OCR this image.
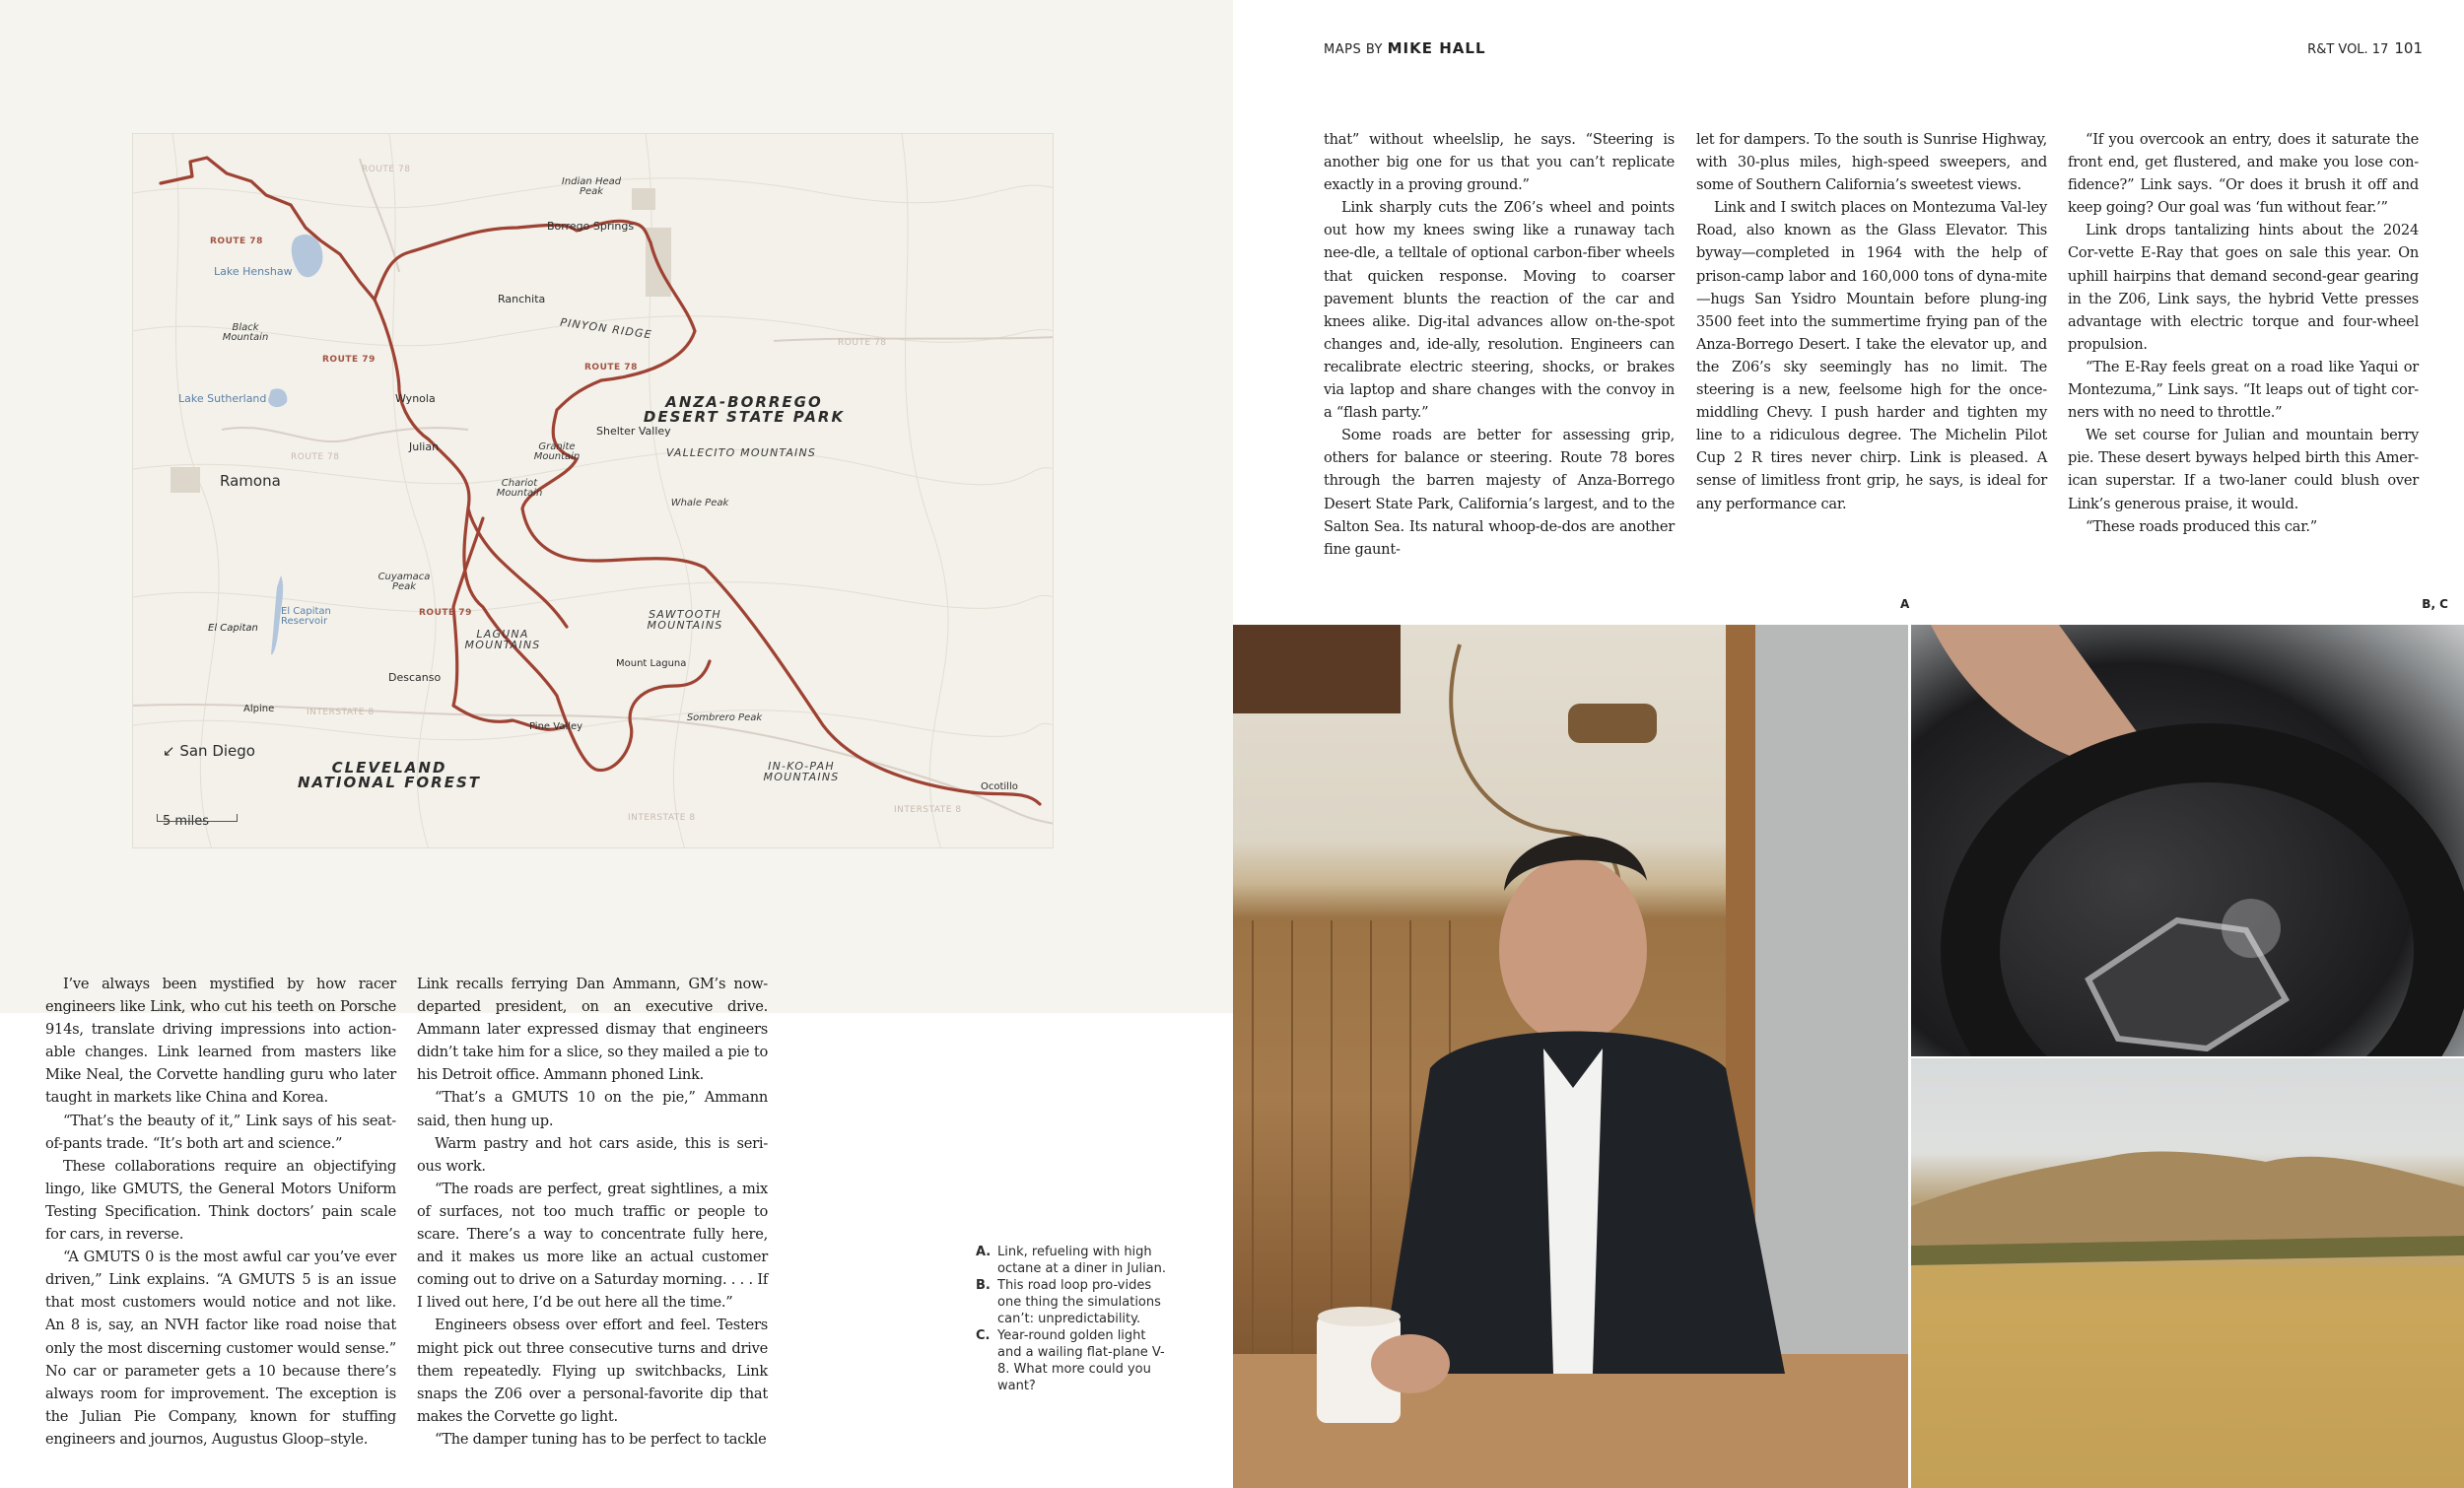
ROUTE 78
ROUTE 78
ROUTE 79
ROUTE 78
ROUTE 78
ROUTE 78
ROUTE 79
INTERSTATE 8
INTERSTATE 8
INTERSTATE 8
Indian Head Peak
Borrego Springs
Lake Henshaw
Black Mountain
Ranchita
PINYON RIDGE
Lake Sutherland	Wynola	ANZA-BORREGO DESERT STATE PARK
Shelter Valley
Julian	Granite Mountain	VALLECITO MOUNTAINS
Ramona	Chariot Mountain
Whale Peak
Cuyamaca Peak
El Capitan Reservoir
El Capitan	LAGUNA MOUNTAINS
SAWTOOTH MOUNTAINS
Mount Laguna
Descanso
Alpine
Sombrero Peak
Pine Valley
↙ San Diego
CLEVELAND NATIONAL FOREST
IN-KO-PAH MOUNTAINS
Ocotillo
5 miles

I’ve always been mystified by how racer engineers like Link, who cut his teeth on Porsche 914s, translate driving impressions into action-able changes. Link learned from masters like Mike Neal, the Corvette handling guru who later taught in markets like China and Korea.

“That’s the beauty of it,” Link says of his seat-of-pants trade. “It’s both art and science.”

These collaborations require an objectifying lingo, like GMUTS, the General Motors Uniform Testing Specification. Think doctors’ pain scale for cars, in reverse.

“A GMUTS 0 is the most awful car you’ve ever driven,” Link explains. “A GMUTS 5 is an issue that most customers would notice and not like. An 8 is, say, an NVH factor like road noise that only the most discerning customer would sense.” No car or parameter gets a 10 because there’s always room for improvement. The exception is the Julian Pie Company, known for stuffing engineers and journos, Augustus Gloop–style.

Link recalls ferrying Dan Ammann, GM’s now-departed president, on an executive drive. Ammann later expressed dismay that engineers didn’t take him for a slice, so they mailed a pie to his Detroit office. Ammann phoned Link.

“That’s a GMUTS 10 on the pie,” Ammann said, then hung up.

Warm pastry and hot cars aside, this is seri-ous work.

“The roads are perfect, great sightlines, a mix of surfaces, not too much traffic or people to scare. There’s a way to concentrate fully here, and it makes us more like an actual customer coming out to drive on a Saturday morning. . . . If I lived out here, I’d be out here all the time.”

Engineers obsess over effort and feel. Testers might pick out three consecutive turns and drive them repeatedly. Flying up switchbacks, Link snaps the Z06 over a personal-favorite dip that makes the Corvette go light.

“The damper tuning has to be perfect to tackle

A. Link, refueling with high octane at a diner in Julian.
B. This road loop pro-vides one thing the simulations can’t: unpredictability.
C. Year-round golden light and a wailing flat-plane V-8. What more could you want?
MAPS BY MIKE HALL	R&T VOL. 17 101

that” without wheelslip, he says. “Steering is another big one for us that you can’t replicate exactly in a proving ground.”

Link sharply cuts the Z06’s wheel and points out how my knees swing like a runaway tach nee-dle, a telltale of optional carbon-fiber wheels that quicken response. Moving to coarser pavement blunts the reaction of the car and knees alike. Dig-ital advances allow on-the-spot changes and, ide-ally, resolution. Engineers can recalibrate electric steering, shocks, or brakes via laptop and share changes with the convoy in a “flash party.”

Some roads are better for assessing grip, others for balance or steering. Route 78 bores through the barren majesty of Anza-Borrego Desert State Park, California’s largest, and to the Salton Sea. Its natural whoop-de-dos are another fine gaunt-

let for dampers. To the south is Sunrise Highway, with 30-plus miles, high-speed sweepers, and some of Southern California’s sweetest views.

Link and I switch places on Montezuma Val-ley Road, also known as the Glass Elevator. This byway—completed in 1964 with the help of prison-camp labor and 160,000 tons of dyna-mite—hugs San Ysidro Mountain before plung-ing 3500 feet into the summertime frying pan of the Anza-Borrego Desert. I take the elevator up, and the Z06’s sky seemingly has no limit. The steering is a new, feelsome high for the once-middling Chevy. I push harder and tighten my line to a ridiculous degree. The Michelin Pilot Cup 2 R tires never chirp. Link is pleased. A sense of limitless front grip, he says, is ideal for any performance car.

“If you overcook an entry, does it saturate the front end, get flustered, and make you lose con-fidence?” Link says. “Or does it brush it off and keep going? Our goal was ‘fun without fear.’”

Link drops tantalizing hints about the 2024 Cor-vette E-Ray that goes on sale this year. On uphill hairpins that demand second-gear gearing in the Z06, Link says, the hybrid Vette presses advantage with electric torque and four-wheel propulsion.

“The E-Ray feels great on a road like Yaqui or Montezuma,” Link says. “It leaps out of tight cor-ners with no need to throttle.”

We set course for Julian and mountain berry pie. These desert byways helped birth this Amer-ican superstar. If a two-laner could blush over Link’s generous praise, it would.

“These roads produced this car.”

A	B, C
